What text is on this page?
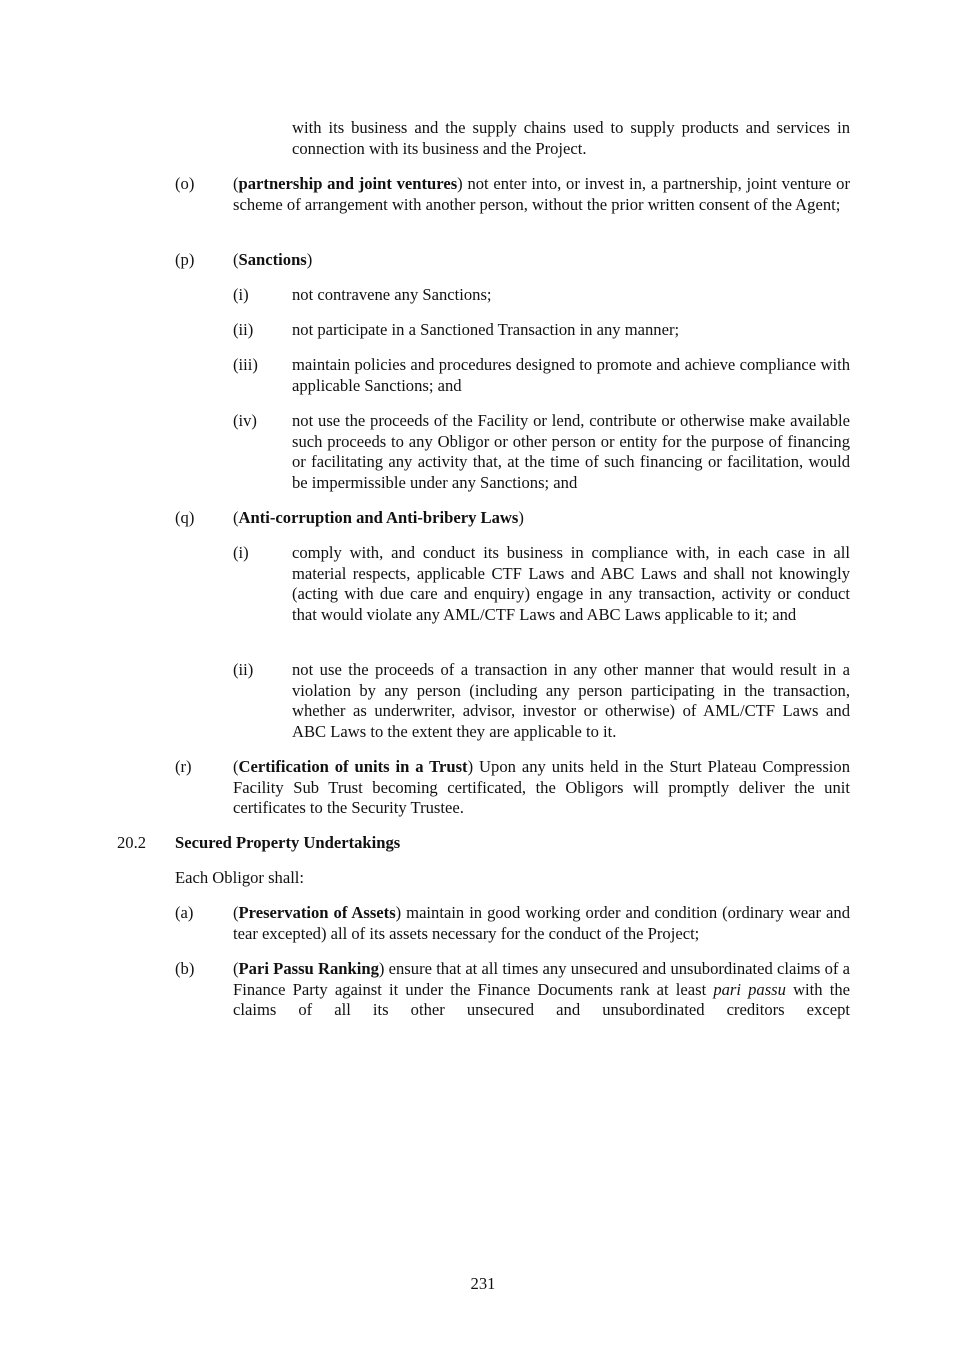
with its business and the supply chains used to supply products and services in connection with its business and the Project.
(o) (partnership and joint ventures) not enter into, or invest in, a partnership, joint venture or scheme of arrangement with another person, without the prior written consent of the Agent;
(p) (Sanctions)
(i)	not contravene any Sanctions;
(ii) not participate in a Sanctioned Transaction in any manner;
(iii) maintain policies and procedures designed to promote and achieve compliance with applicable Sanctions; and
(iv) not use the proceeds of the Facility or lend, contribute or otherwise make available such proceeds to any Obligor or other person or entity for the purpose of financing or facilitating any activity that, at the time of such financing or facilitation, would be impermissible under any Sanctions; and
(q) (Anti-corruption and Anti-bribery Laws)
(i)	comply with, and conduct its business in compliance with, in each case in all material respects, applicable CTF Laws and ABC Laws and shall not knowingly (acting with due care and enquiry) engage in any transaction, activity or conduct that would violate any AML/CTF Laws and ABC Laws applicable to it; and
(ii) not use the proceeds of a transaction in any other manner that would result in a violation by any person (including any person participating in the transaction, whether as underwriter, advisor, investor or otherwise) of AML/CTF Laws and ABC Laws to the extent they are applicable to it.
(r) (Certification of units in a Trust) Upon any units held in the Sturt Plateau Compression Facility Sub Trust becoming certificated, the Obligors will promptly deliver the unit certificates to the Security Trustee.
20.2 Secured Property Undertakings
Each Obligor shall:
(a) (Preservation of Assets) maintain in good working order and condition (ordinary wear and tear excepted) all of its assets necessary for the conduct of the Project;
(b) (Pari Passu Ranking) ensure that at all times any unsecured and unsubordinated claims of a Finance Party against it under the Finance Documents rank at least pari passu with the claims of all its other unsecured and unsubordinated creditors except
231
